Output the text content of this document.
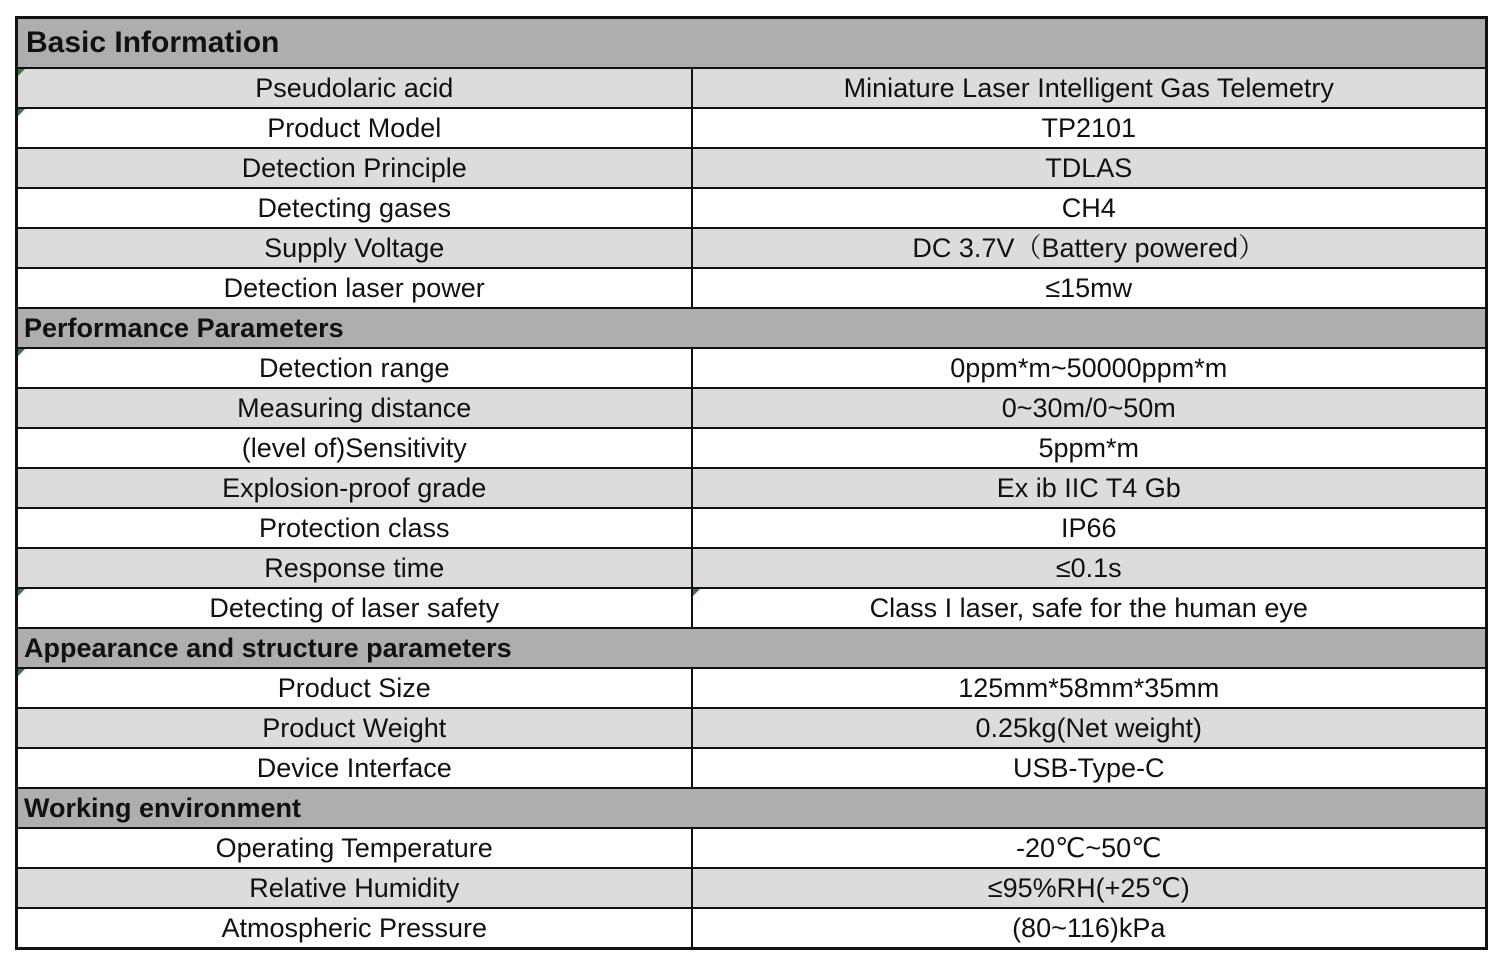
Basic Information	

Pseudolaric acid	Miniature Laser Intelligent Gas Telemetry

Product Model	TP2101
Detection Principle	TDLAS
Detecting gases	CH4
Supply Voltage	DC 3.7V（Battery powered）
Detection laser power	≤15mw
Performance Parameters	

Detection range	0ppm*m~50000ppm*m
Measuring distance	0~30m/0~50m
(level of)Sensitivity	5ppm*m
Explosion-proof grade	Ex ib IIC T4 Gb
Protection class	IP66
Response time	≤0.1s

Detecting of laser safety	Class I laser, safe for the human eye
Appearance and structure parameters	

Product Size	125mm*58mm*35mm
Product Weight	0.25kg(Net weight)
Device Interface	USB-Type-C
Working environment	
Operating Temperature	-20℃~50℃
Relative Humidity	≤95%RH(+25℃)
Atmospheric Pressure	(80~116)kPa
